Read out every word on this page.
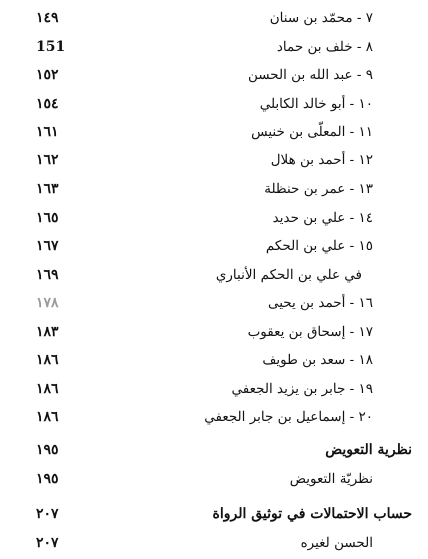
١٤٩	٧ - محمّد بن سنان
151	٨ - خلف بن حماد
١٥٢	٩ - عبد الله بن الحسن
١٥٤	١٠ - أبو خالد الكابلي
١٦١	١١ - المعلّى بن خنيس
١٦٢	١٢ - أحمد بن هلال
١٦٣	١٣ - عمر بن حنظلة
١٦٥	١٤ - علي بن حديد
١٦٧	١٥ - علي بن الحكم
١٦٩	في علي بن الحكم الأنباري
١٧٨	١٦ - أحمد بن يحيى
١٨٣	١٧ - إسحاق بن يعقوب
١٨٦	١٨ - سعد بن طويف
١٨٦	١٩ - جابر بن يزيد الجعفي
١٨٦	٢٠ - إسماعيل بن جابر الجعفي
١٩٥	نظرية التعويض
١٩٥	نظريّة التعويض
٢٠٧	حساب الاحتمالات في توثيق الرواة
٢٠٧	الحسن لغيره
